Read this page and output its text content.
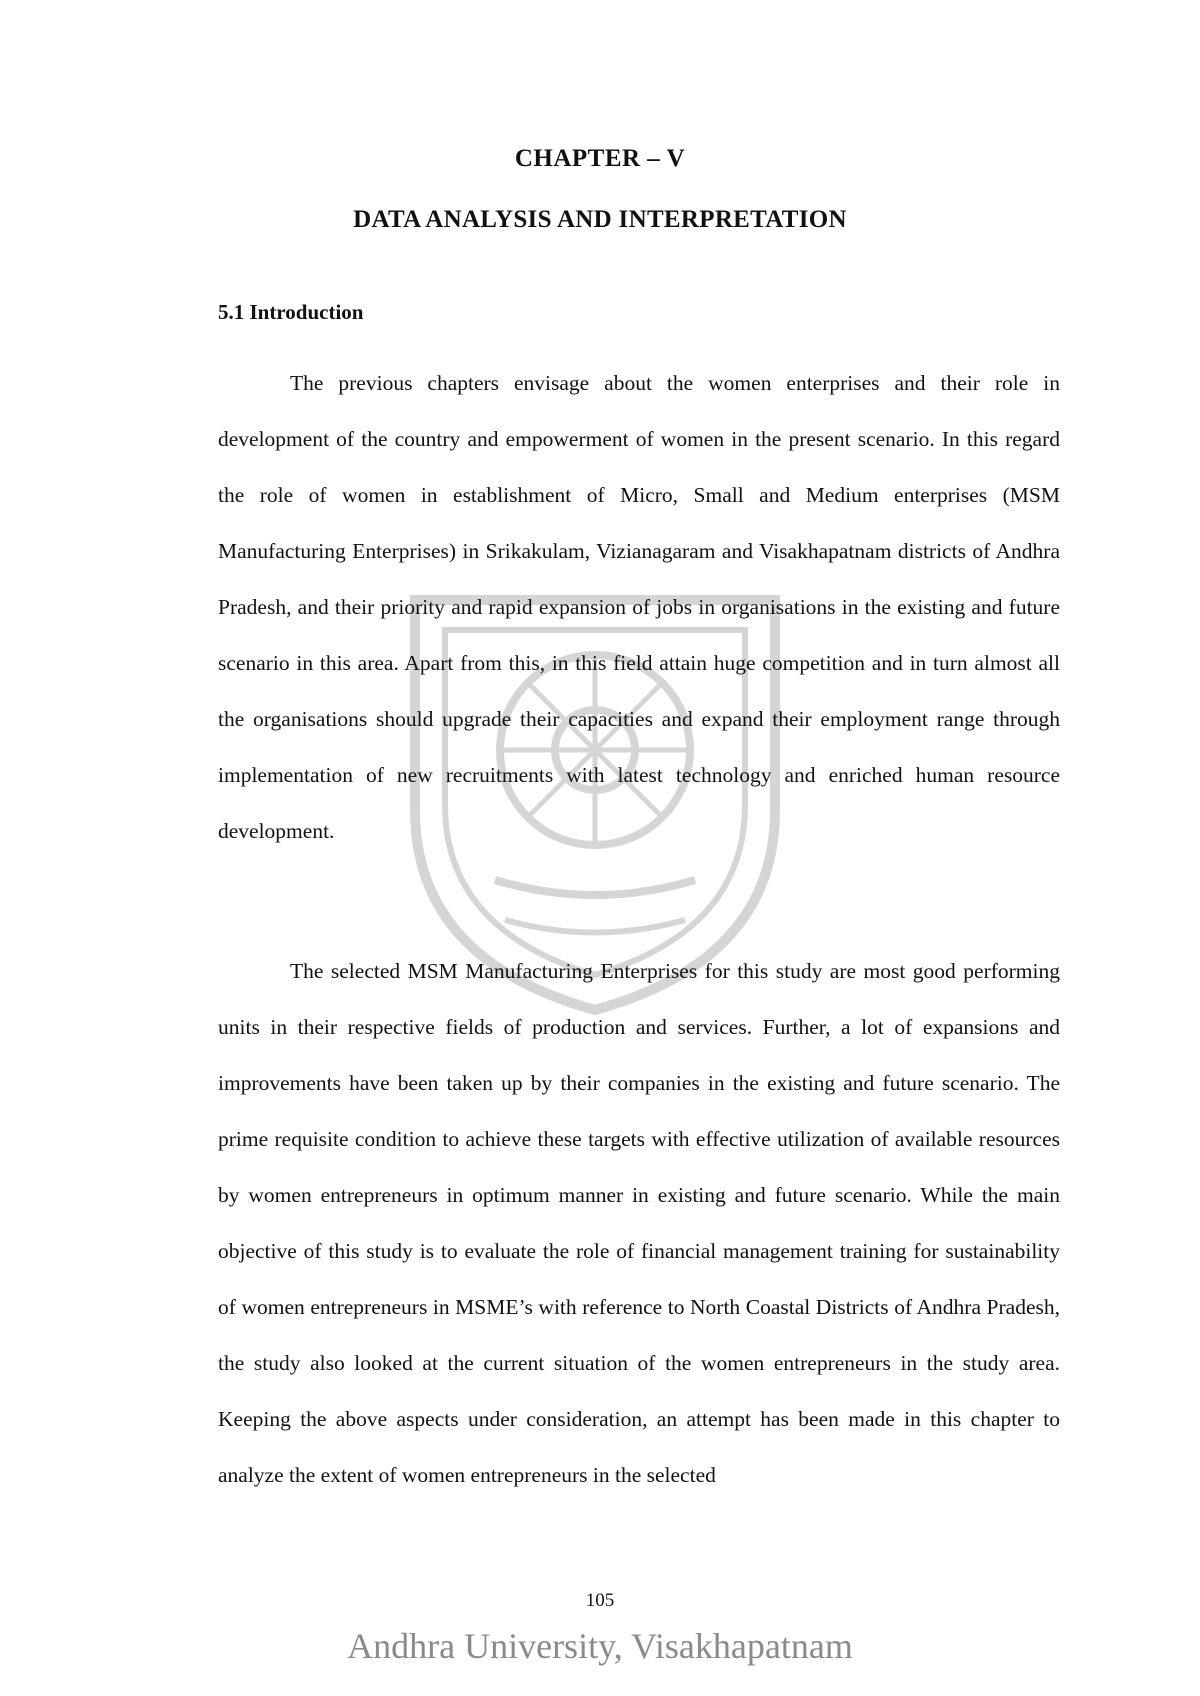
CHAPTER – V
DATA ANALYSIS AND INTERPRETATION
5.1 Introduction

The previous chapters envisage about the women enterprises and their role in development of the country and empowerment of women in the present scenario. In this regard the role of women in establishment of Micro, Small and Medium enterprises (MSM Manufacturing Enterprises) in Srikakulam, Vizianagaram and Visakhapatnam districts of Andhra Pradesh, and their priority and rapid expansion of jobs in organisations in the existing and future scenario in this area. Apart from this, in this field attain huge competition and in turn almost all the organisations should upgrade their capacities and expand their employment range through implementation of new recruitments with latest technology and enriched human resource development.

The selected MSM Manufacturing Enterprises for this study are most good performing units in their respective fields of production and services. Further, a lot of expansions and improvements have been taken up by their companies in the existing and future scenario. The prime requisite condition to achieve these targets with effective utilization of available resources by women entrepreneurs in optimum manner in existing and future scenario. While the main objective of this study is to evaluate the role of financial management training for sustainability of women entrepreneurs in MSME’s with reference to North Coastal Districts of Andhra Pradesh, the study also looked at the current situation of the women entrepreneurs in the study area. Keeping the above aspects under consideration, an attempt has been made in this chapter to analyze the extent of women entrepreneurs in the selected

105
Andhra University, Visakhapatnam
